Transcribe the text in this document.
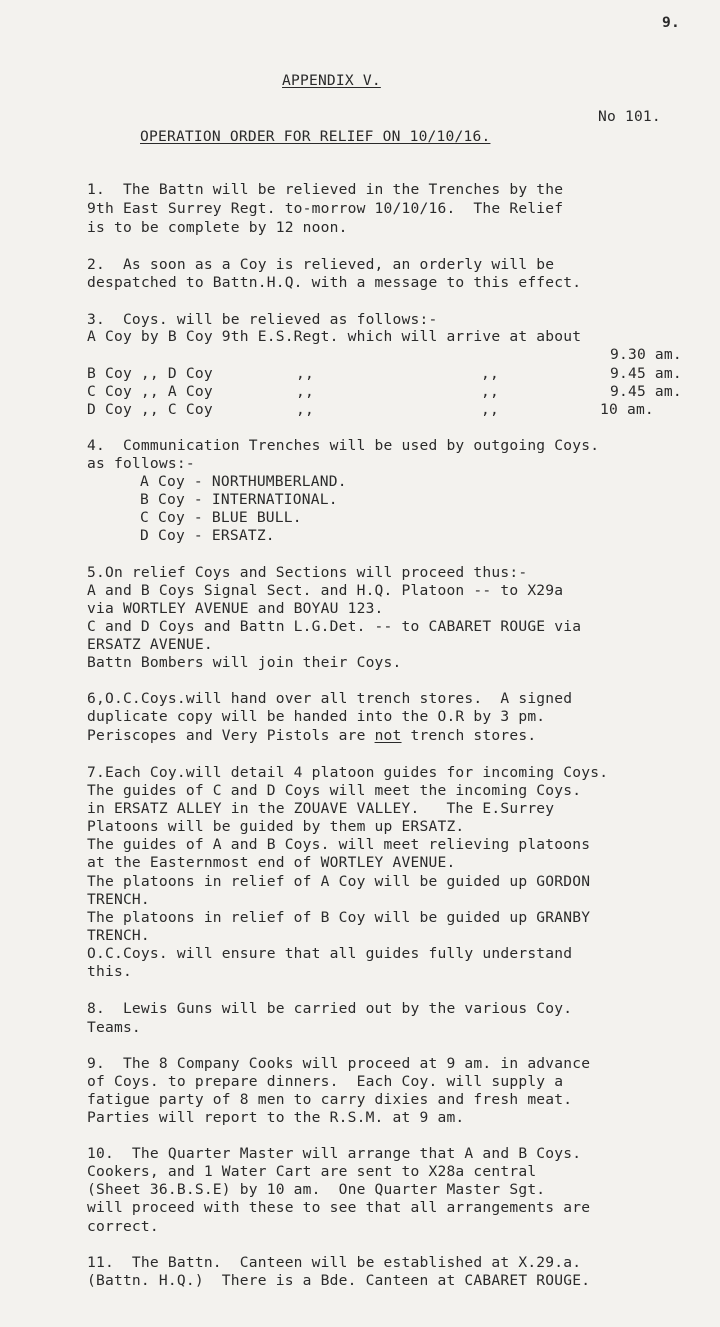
9.
APPENDIX V.
No 101.
OPERATION ORDER FOR RELIEF ON 10/10/16.
1.  The Battn will be relieved in the Trenches by the
9th East Surrey Regt. to-morrow 10/10/16.  The Relief
is to be complete by 12 noon.
2.  As soon as a Coy is relieved, an orderly will be
despatched to Battn.H.Q. with a message to this effect.
3.  Coys. will be relieved as follows:-
A Coy by B Coy 9th E.S.Regt. which will arrive at about
9.30 am.
B Coy ,, D Coy	,,	,,	9.45 am.
C Coy ,, A Coy	,,	,,	9.45 am.
D Coy ,, C Coy	,,	,,	10 am.
4.  Communication Trenches will be used by outgoing Coys.
as follows:-
A Coy - NORTHUMBERLAND.
B Coy - INTERNATIONAL.
C Coy - BLUE BULL.
D Coy - ERSATZ.
5.On relief Coys and Sections will proceed thus:-
A and B Coys Signal Sect. and H.Q. Platoon -- to X29a
via WORTLEY AVENUE and BOYAU 123.
C and D Coys and Battn L.G.Det. -- to CABARET ROUGE via
ERSATZ AVENUE.
Battn Bombers will join their Coys.
6,O.C.Coys.will hand over all trench stores.  A signed
duplicate copy will be handed into the O.R by 3 pm.
Periscopes and Very Pistols are not trench stores.
7.Each Coy.will detail 4 platoon guides for incoming Coys.
The guides of C and D Coys will meet the incoming Coys.
in ERSATZ ALLEY in the ZOUAVE VALLEY.   The E.Surrey
Platoons will be guided by them up ERSATZ.
The guides of A and B Coys. will meet relieving platoons
at the Easternmost end of WORTLEY AVENUE.
The platoons in relief of A Coy will be guided up GORDON
TRENCH.
The platoons in relief of B Coy will be guided up GRANBY
TRENCH.
O.C.Coys. will ensure that all guides fully understand
this.
8.  Lewis Guns will be carried out by the various Coy.
Teams.
9.  The 8 Company Cooks will proceed at 9 am. in advance
of Coys. to prepare dinners.  Each Coy. will supply a
fatigue party of 8 men to carry dixies and fresh meat.
Parties will report to the R.S.M. at 9 am.
10.  The Quarter Master will arrange that A and B Coys.
Cookers, and 1 Water Cart are sent to X28a central
(Sheet 36.B.S.E) by 10 am.  One Quarter Master Sgt.
will proceed with these to see that all arrangements are
correct.
11.  The Battn.  Canteen will be established at X.29.a.
(Battn. H.Q.)  There is a Bde. Canteen at CABARET ROUGE.
